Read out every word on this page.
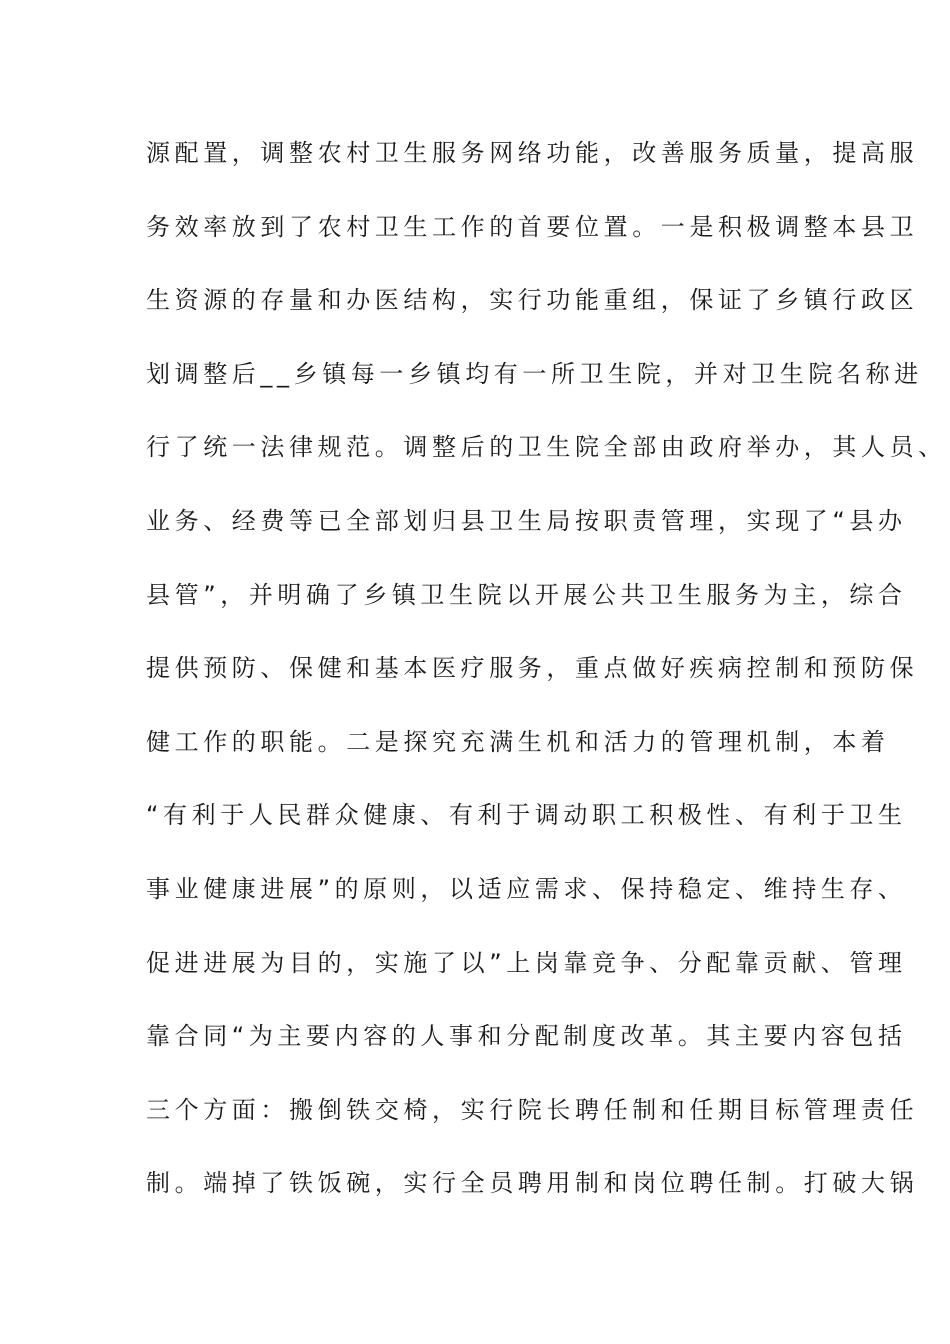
源配置，调整农村卫生服务网络功能，改善服务质量，提高服
务效率放到了农村卫生工作的首要位置。一是积极调整本县卫
生资源的存量和办医结构，实行功能重组，保证了乡镇行政区
划调整后__乡镇每一乡镇均有一所卫生院，并对卫生院名称进
行了统一法律规范。调整后的卫生院全部由政府举办，其人员、
业务、经费等已全部划归县卫生局按职责管理，实现了“县办
县管”，并明确了乡镇卫生院以开展公共卫生服务为主，综合
提供预防、保健和基本医疗服务，重点做好疾病控制和预防保
健工作的职能。二是探究充满生机和活力的管理机制，本着
“有利于人民群众健康、有利于调动职工积极性、有利于卫生
事业健康进展”的原则，以适应需求、保持稳定、维持生存、
促进进展为目的，实施了以”上岗靠竞争、分配靠贡献、管理
靠合同“为主要内容的人事和分配制度改革。其主要内容包括
三个方面：搬倒铁交椅，实行院长聘任制和任期目标管理责任
制。端掉了铁饭碗，实行全员聘用制和岗位聘任制。打破大锅
